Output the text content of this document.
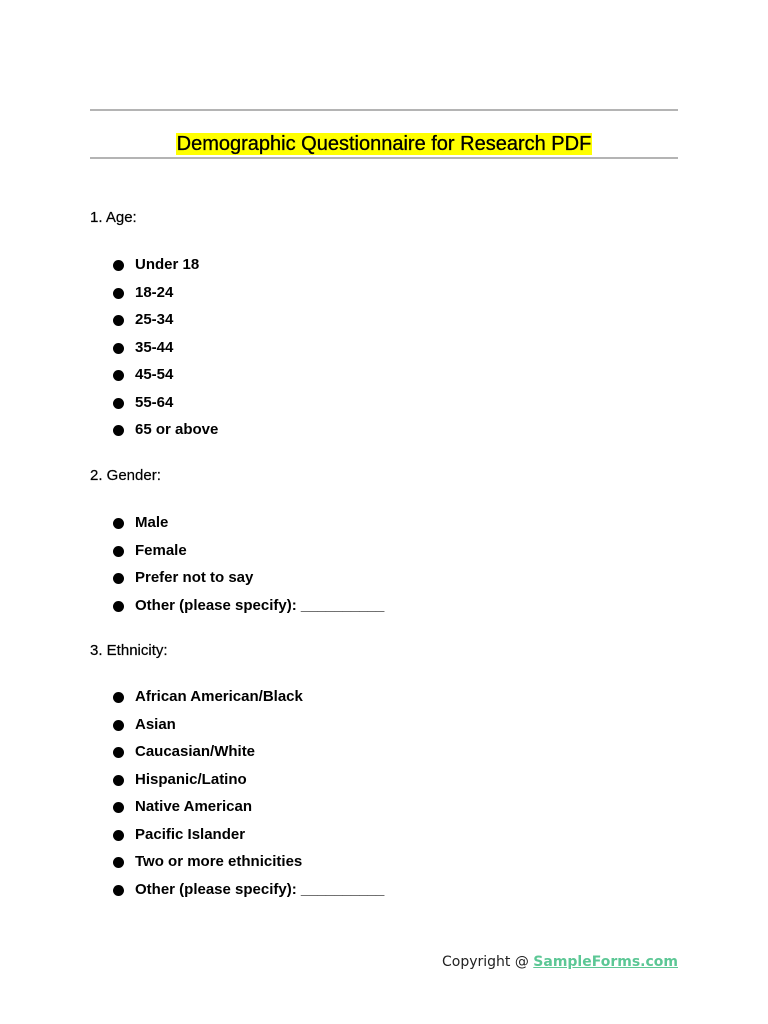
Demographic Questionnaire for Research PDF
1. Age:
Under 18
18-24
25-34
35-44
45-54
55-64
65 or above
2. Gender:
Male
Female
Prefer not to say
Other (please specify): __________
3. Ethnicity:
African American/Black
Asian
Caucasian/White
Hispanic/Latino
Native American
Pacific Islander
Two or more ethnicities
Other (please specify): __________
Copyright @ SampleForms.com
